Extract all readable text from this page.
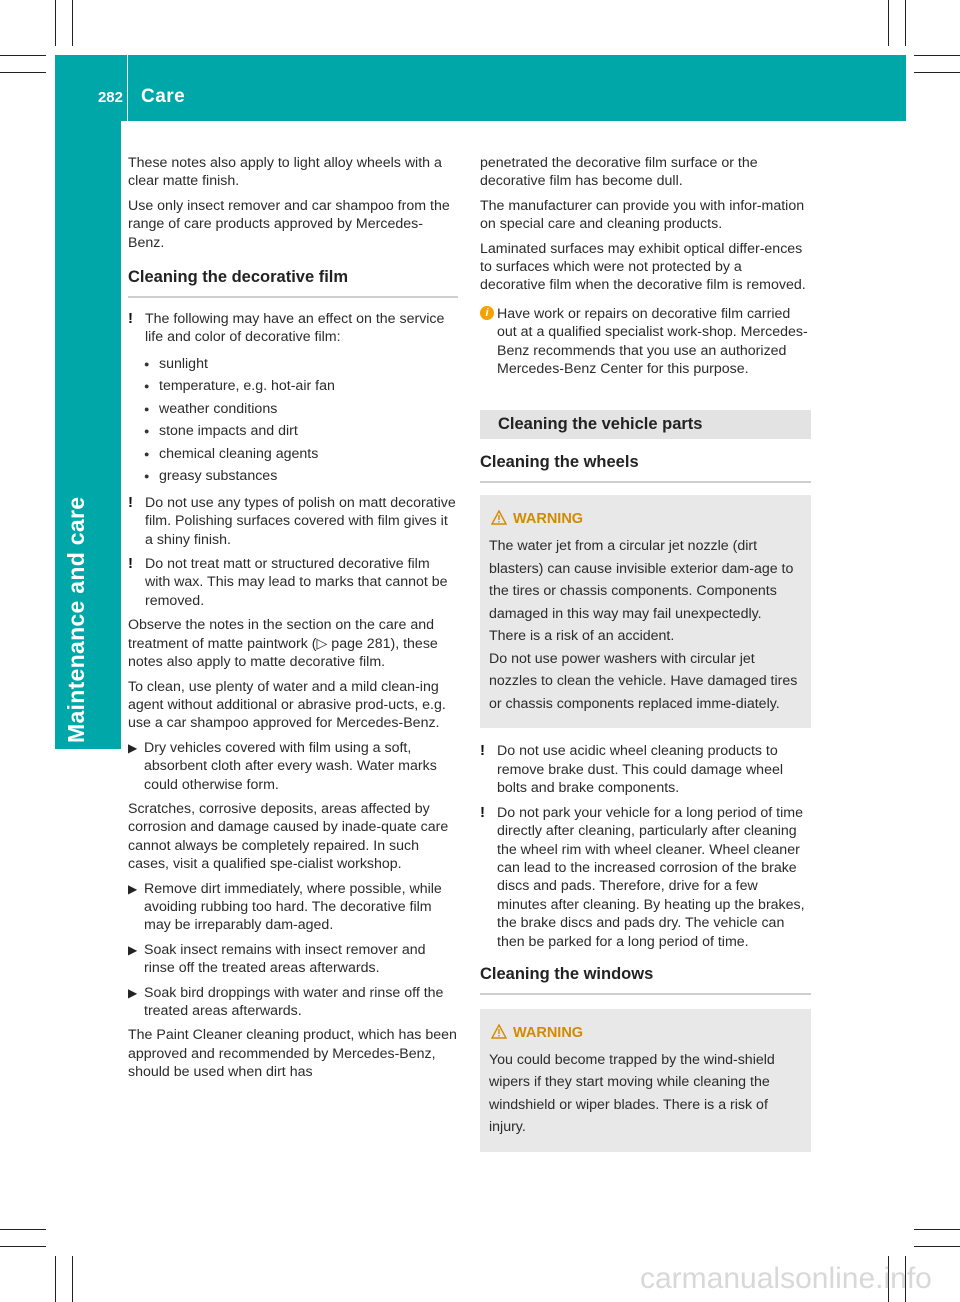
282 Care
Maintenance and care

These notes also apply to light alloy wheels with a clear matte finish.

Use only insect remover and car shampoo from the range of care products approved by Mercedes-Benz.

Cleaning the decorative film
! The following may have an effect on the service life and color of decorative film:
● sunlight
● temperature, e.g. hot-air fan
● weather conditions
● stone impacts and dirt
● chemical cleaning agents
● greasy substances
! Do not use any types of polish on matt decorative film. Polishing surfaces covered with film gives it a shiny finish.
! Do not treat matt or structured decorative film with wax. This may lead to marks that cannot be removed.

Observe the notes in the section on the care and treatment of matte paintwork (▷ page 281), these notes also apply to matte decorative film.

To clean, use plenty of water and a mild clean-ing agent without additional or abrasive prod-ucts, e.g. use a car shampoo approved for Mercedes-Benz.

▶ Dry vehicles covered with film using a soft, absorbent cloth after every wash. Water marks could otherwise form.

Scratches, corrosive deposits, areas affected by corrosion and damage caused by inade-quate care cannot always be completely repaired. In such cases, visit a qualified spe-cialist workshop.

▶ Remove dirt immediately, where possible, while avoiding rubbing too hard. The decorative film may be irreparably dam-aged.
▶ Soak insect remains with insect remover and rinse off the treated areas afterwards.
▶ Soak bird droppings with water and rinse off the treated areas afterwards.

The Paint Cleaner cleaning product, which has been approved and recommended by Mercedes-Benz, should be used when dirt has

penetrated the decorative film surface or the decorative film has become dull.

The manufacturer can provide you with infor-mation on special care and cleaning products.

Laminated surfaces may exhibit optical differ-ences to surfaces which were not protected by a decorative film when the decorative film is removed.

i Have work or repairs on decorative film carried out at a qualified specialist work-shop. Mercedes-Benz recommends that you use an authorized Mercedes-Benz Center for this purpose.
Cleaning the vehicle parts
Cleaning the wheels
WARNING
The water jet from a circular jet nozzle (dirt blasters) can cause invisible exterior dam-age to the tires or chassis components. Components damaged in this way may fail unexpectedly. There is a risk of an accident.
Do not use power washers with circular jet nozzles to clean the vehicle. Have damaged tires or chassis components replaced imme-diately.
! Do not use acidic wheel cleaning products to remove brake dust. This could damage wheel bolts and brake components.
! Do not park your vehicle for a long period of time directly after cleaning, particularly after cleaning the wheel rim with wheel cleaner. Wheel cleaner can lead to the increased corrosion of the brake discs and pads. Therefore, drive for a few minutes after cleaning. By heating up the brakes, the brake discs and pads dry. The vehicle can then be parked for a long period of time.
Cleaning the windows
WARNING
You could become trapped by the wind-shield wipers if they start moving while cleaning the windshield or wiper blades. There is a risk of injury.
carmanualsonline.info
